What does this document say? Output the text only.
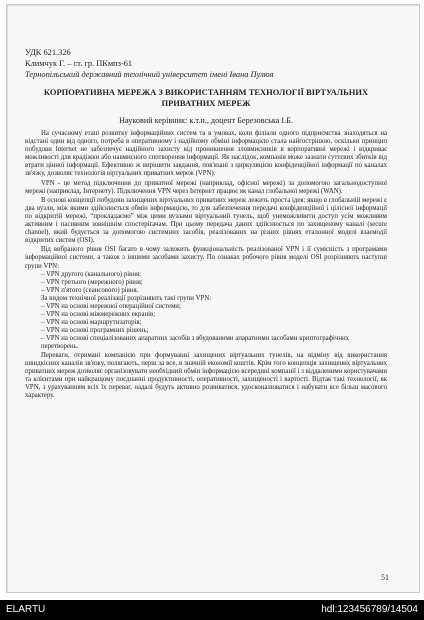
УДК 621.326

Климчук Г. – ст. гр. ПКмпз-61

Тернопільський державний технічний університет імені Івана Пулюя

КОРПОРАТИВНА МЕРЕЖА З ВИКОРИСТАННЯМ ТЕХНОЛОГІЇ ВІРТУАЛЬНИХ ПРИВАТНИХ МЕРЕЖ

Науковий керівник: к.т.н., доцент Березовська І.Б.

На сучасному етапі розвитку інформаційних систем та в умовах, коли філіали одного підприємства знаходяться на відстані один від одного, потреба в оперативному і надійному обміні інформацією стала найгострішою, оскільки принцип побудови Internet не забезпечує надійного захисту від проникнення зловмисників в корпоративні мережі і відкриває можливості для крадіжки або навмисного спотворення інформації. Як наслідок, компанія може зазнати суттєвих збитків від втрати цінної інформації. Ефективно ж вирішити завдання, пов'язані з циркуляцією конфіденційної інформації по каналах зв'язку, дозволяє технологія віртуальних приватних мереж (VPN).

VPN - це метод підключення до приватної мережі (наприклад, офісної мережі) за допомогою загальнодоступної мережі (наприклад, Інтернету). Підключення VPN через Інтернет працює як канал глобальної мережі (WAN).

В основі концепції побудови захищених віртуальних приватних мереж лежить проста ідея: якщо в глобальній мережі є два вузли, між якими здійснюється обмін інформацією, то для забезпечення передачі конфіденційної і цілісної інформації по відкритій мережі, “прокладаємо” між цими вузлами віртуальний тунель, щоб унеможливити доступ усім можливим активним і пасивним зовнішнім спостерігачам. При цьому передача даних здійснюється по захищеному каналі (secure channel), який будується за допомогою системних засобів, реалізованих на різних рівнях еталонної моделі взаємодії відкритих систем (OSI).

Від вибраного рівня OSI багато в чому залежить функціональність реалізованої VPN і її сумісність з програмами інформаційної системи, а також з іншими засобами захисту. По ознаках робочого рівня моделі OSI розрізняють наступні групи VPN:

– VPN другого (канального) рівня;
– VPN третього (мережного) рівня;
– VPN п'ятого (сеансового) рівня.

За видом технічної реалізації розрізняють такі групи VPN:

– VPN на основі мережної операційної системи;
– VPN на основі міжмережних екранів;
– VPN на основі маршрутизаторів;
– VPN на основі програмних рішень;
– VPN на основі спеціалізованих апаратних засобів з вбудованими апаратними засобами криптографічних перетворень.

Переваги, отримані компанією при формуванні захищених віртуальних тунелів, на відміну від використання швидкісних каналів зв'язку, полягають, перш за все, в значній економії коштів. Крім того концепція захищених віртуальних приватних мереж дозволяє організовувати необхідний обмін інформацією всередині компанії і з віддаленими користувачами та клієнтами при найкращому поєднанні продуктивності, оперативності, захищеності і вартості. Відтак такі технології, як VPN, з урахуванням всіх їх переваг, надалі будуть активно розвиватися, удосконалюватися і набувати все більш масового характеру.

51
ELARTU	hdl:123456789/14504
